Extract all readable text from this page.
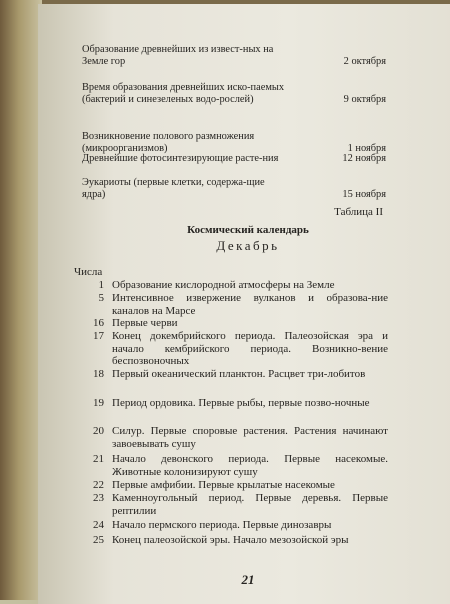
Образование древнейших из извест-ных на Земле гор	2 октября
Время образования древнейших иско-паемых (бактерий и синезеленых водо-рослей)	9 октября
Возникновение полового размножения (микроорганизмов)	1 ноября
Древнейшие фотосинтезирующие расте-ния	12 ноября
Эукариоты (первые клетки, содержа-щие ядра)	15 ноября
Таблица II
Космический календарь
Декабрь
Числа
1 Образование кислородной атмосферы на Земле
5 Интенсивное извержение вулканов и образова-ние каналов на Марсе
16 Первые черви
17 Конец докембрийского периода. Палеозойская эра и начало кембрийского периода. Возникно-вение беспозвоночных
18 Первый океанический планктон. Расцвет три-лобитов
19 Период ордовика. Первые рыбы, первые позво-ночные
20 Силур. Первые споровые растения. Растения начинают завоевывать сушу
21 Начало девонского периода. Первые насекомые. Животные колонизируют сушу
22 Первые амфибии. Первые крылатые насекомые
23 Каменноугольный период. Первые деревья. Первые рептилии
24 Начало пермского периода. Первые динозавры
25 Конец палеозойской эры. Начало мезозойской эры
21
